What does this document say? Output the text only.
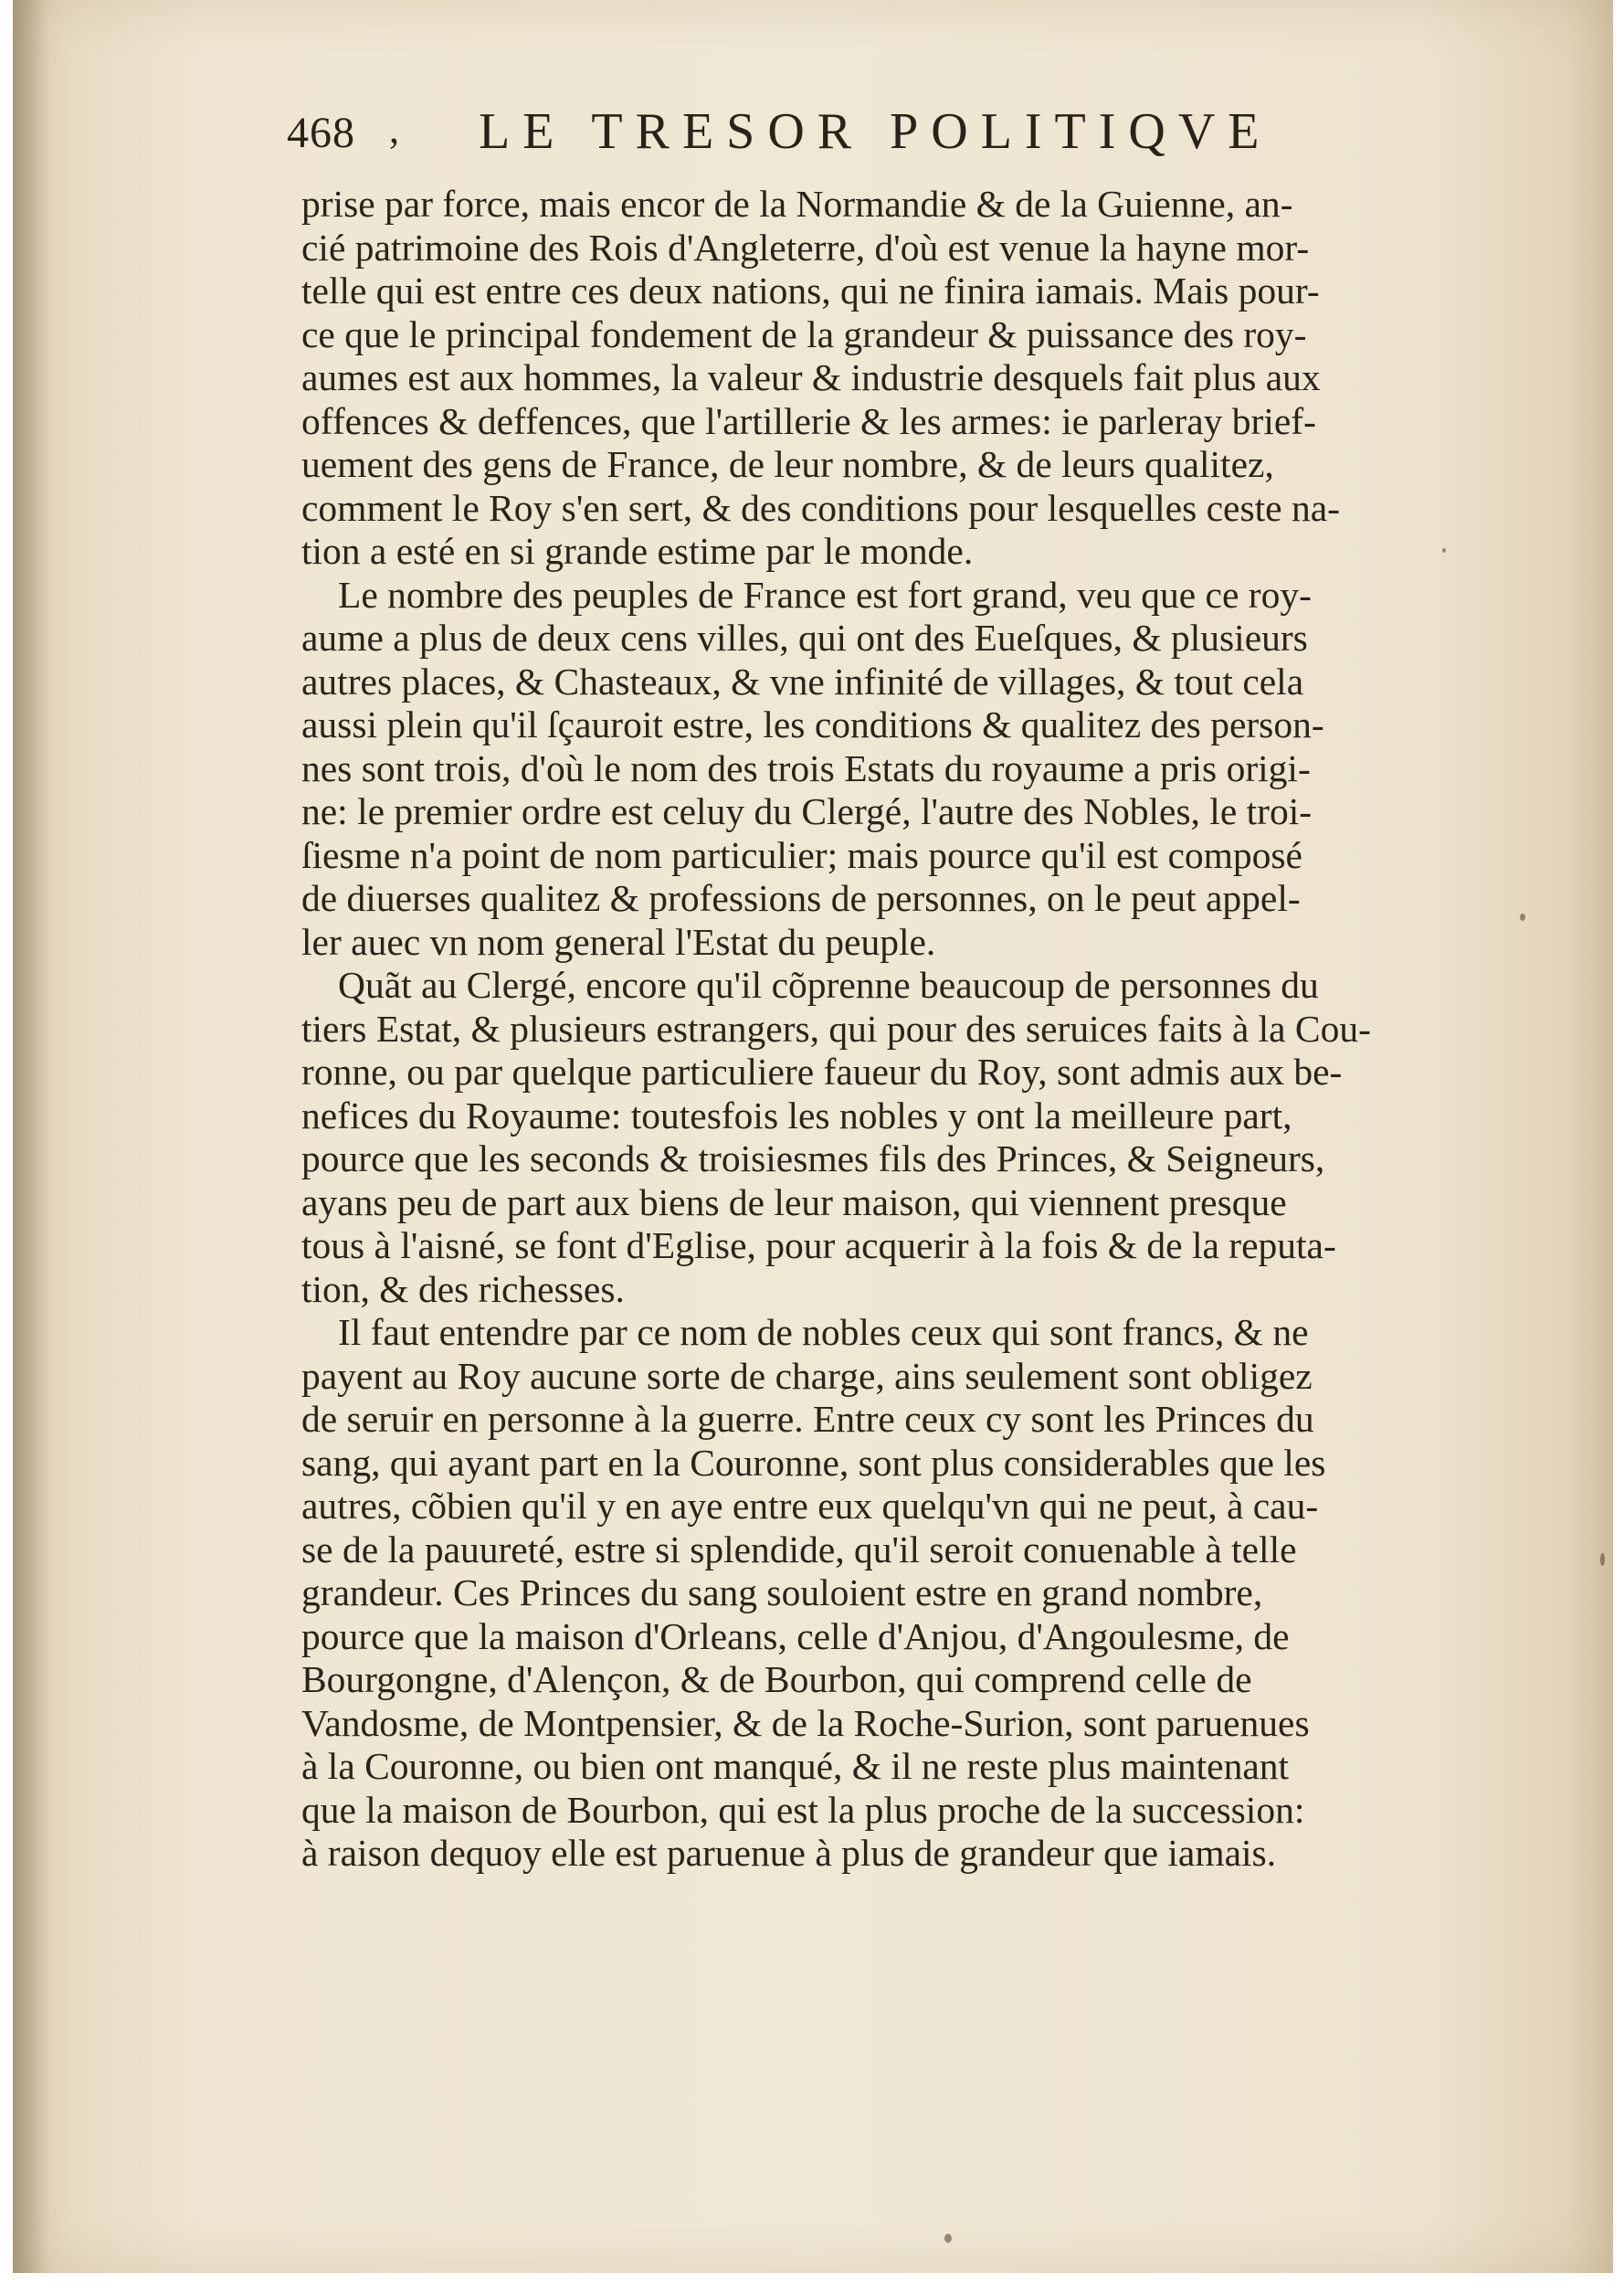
468 , LE TRESOR POLITIQVE
prise par force, mais encor de la Normandie & de la Guienne, an-
cié patrimoine des Rois d'Angleterre, d'où est venue la hayne mor-
telle qui est entre ces deux nations, qui ne finira iamais. Mais pour-
ce que le principal fondement de la grandeur & puissance des roy-
aumes est aux hommes, la valeur & industrie desquels fait plus aux
offences & deffences, que l'artillerie & les armes: ie parleray brief-
uement des gens de France, de leur nombre, & de leurs qualitez,
comment le Roy s'en sert, & des conditions pour lesquelles ceste na-
tion a esté en si grande estime par le monde.
Le nombre des peuples de France est fort grand, veu que ce roy-
aume a plus de deux cens villes, qui ont des Eueſques, & plusieurs
autres places, & Chasteaux, & vne infinité de villages, & tout cela
aussi plein qu'il ſçauroit estre, les conditions & qualitez des person-
nes sont trois, d'où le nom des trois Estats du royaume a pris origi-
ne: le premier ordre est celuy du Clergé, l'autre des Nobles, le troi-
ſiesme n'a point de nom particulier; mais pource qu'il est composé
de diuerses qualitez & professions de personnes, on le peut appel-
ler auec vn nom general l'Estat du peuple.
Quãt au Clergé, encore qu'il cõprenne beaucoup de personnes du
tiers Estat, & plusieurs estrangers, qui pour des seruices faits à la Cou-
ronne, ou par quelque particuliere faueur du Roy, sont admis aux be-
nefices du Royaume: toutesfois les nobles y ont la meilleure part,
pource que les seconds & troisiesmes fils des Princes, & Seigneurs,
ayans peu de part aux biens de leur maison, qui viennent presque
tous à l'aisné, se font d'Eglise, pour acquerir à la fois & de la reputa-
tion, & des richesses.
Il faut entendre par ce nom de nobles ceux qui sont francs, & ne
payent au Roy aucune sorte de charge, ains seulement sont obligez
de seruir en personne à la guerre. Entre ceux cy sont les Princes du
sang, qui ayant part en la Couronne, sont plus considerables que les
autres, cõbien qu'il y en aye entre eux quelqu'vn qui ne peut, à cau-
se de la pauureté, estre si splendide, qu'il seroit conuenable à telle
grandeur. Ces Princes du sang souloient estre en grand nombre,
pource que la maison d'Orleans, celle d'Anjou, d'Angoulesme, de
Bourgongne, d'Alençon, & de Bourbon, qui comprend celle de
Vandosme, de Montpensier, & de la Roche-Surion, sont paruenues
à la Couronne, ou bien ont manqué, & il ne reste plus maintenant
que la maison de Bourbon, qui est la plus proche de la succession:
à raison dequoy elle est paruenue à plus de grandeur que iamais.
